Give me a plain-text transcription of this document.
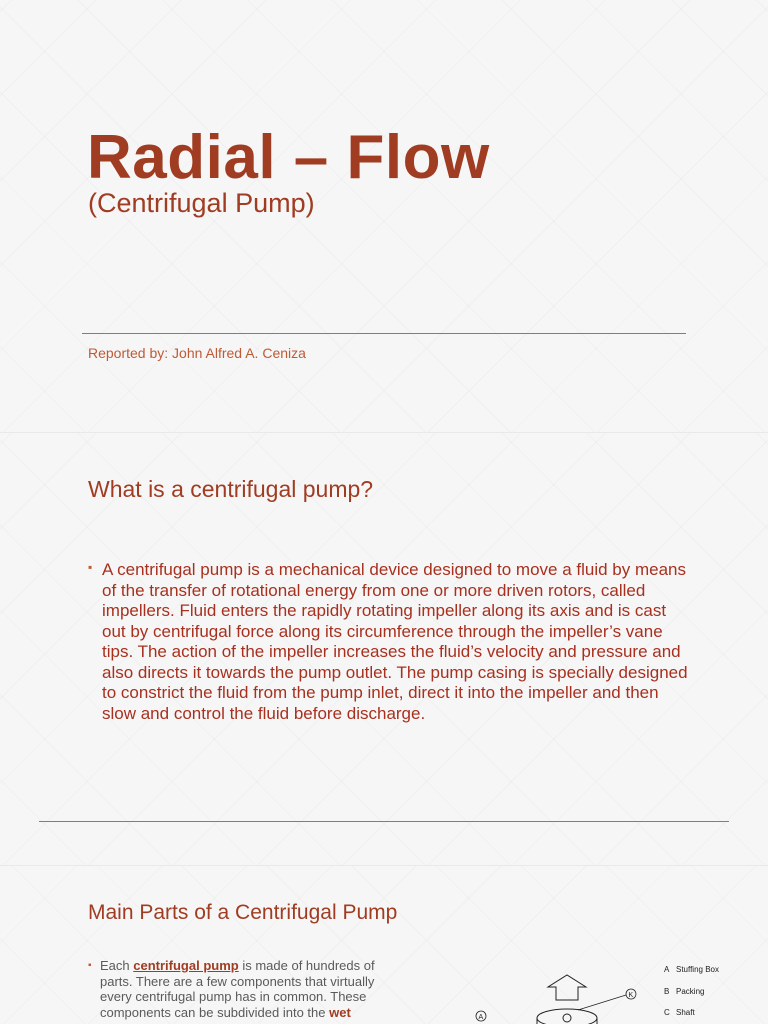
Radial – Flow
(Centrifugal Pump)
Reported by: John Alfred A. Ceniza
What is a centrifugal pump?
▪ A centrifugal pump is a mechanical device designed to move a fluid by means of the transfer of rotational energy from one or more driven rotors, called impellers. Fluid enters the rapidly rotating impeller along its axis and is cast out by centrifugal force along its circumference through the impeller’s vane tips. The action of the impeller increases the fluid’s velocity and pressure and also directs it towards the pump outlet. The pump casing is specially designed to constrict the fluid from the pump inlet, direct it into the impeller and then slow and control the fluid before discharge.
Main Parts of a Centrifugal Pump
▪ Each centrifugal pump is made of hundreds of parts. There are a few components that virtually every centrifugal pump has in common. These components can be subdivided into the wet
K
A
A Stuffing Box
B Packing
C Shaft
